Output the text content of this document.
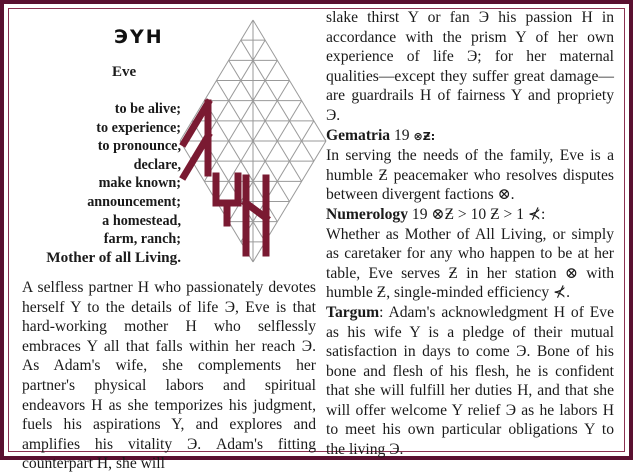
ЭYH
Eve
to be alive;
to experience;
to pronounce,
declare,
make known;
announcement;
a homestead,
farm, ranch;
Mother of all Living.

A selfless partner H who passionately devotes herself Y to the details of life Э, Eve is that hard-working mother H who selflessly embraces Y all that falls within her reach Э. As Adam's wife, she complements her partner's physical labors and spiritual endeavors H as she temporizes his judgment, fuels his aspirations Y, and explores and amplifies his vitality Э. Adam's fitting counterpart H, she will

slake thirst Y or fan Э his passion H in accordance with the prism Y of her own experience of life Э; for her maternal qualities—except they suffer great damage—are guardrails H of fairness Y and propriety Э.

Gematria 19 ⊗Ƶ:
In serving the needs of the family, Eve is a humble Ƶ peacemaker who resolves disputes between divergent factions ⊗.

Numerology 19 ⊗Ƶ > 10 Ƶ > 1 ⊀:
Whether as Mother of All Living, or simply as caretaker for any who happen to be at her table, Eve serves Ƶ in her station ⊗ with humble Ƶ, single-minded efficiency ⊀.

Targum: Adam's acknowledgment H of Eve as his wife Y is a pledge of their mutual satisfaction in days to come Э. Bone of his bone and flesh of his flesh, he is confident that she will fulfill her duties H, and that she will offer welcome Y relief Э as he labors H to meet his own particular obligations Y to the living Э.
